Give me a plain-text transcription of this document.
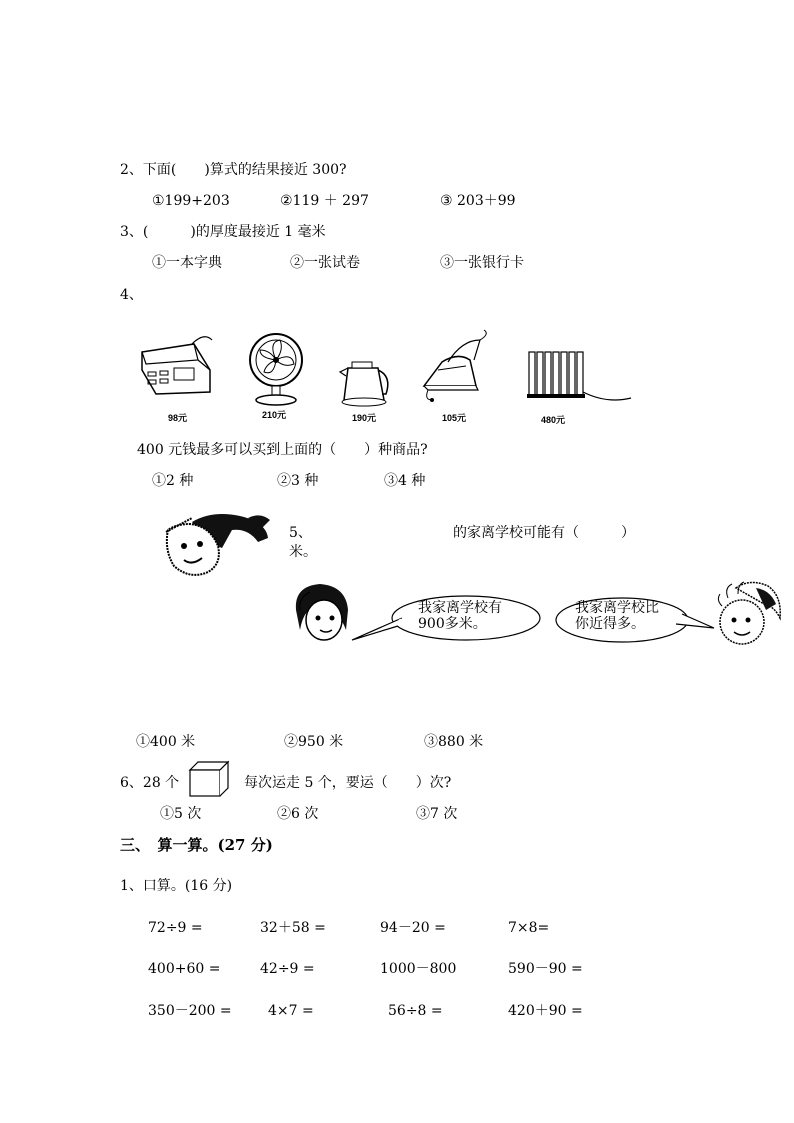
2、下面(　　)算式的结果接近 300?
①199+203	②119 ＋ 297	③ 203＋99
3、(　　　)的厚度最接近 1 毫米
①一本字典	②一张试卷	③一张银行卡
4、
98元	210元	190元	105元	480元
400 元钱最多可以买到上面的（　　）种商品?
①2 种	②3 种	③4 种
5、	的家离学校可能有（　　　）
米。
我家离学校有
900多米。
我家离学校比
你近得多。
①400 米	②950 米	③880 米
6、28 个	每次运走 5 个，要运（　　）次?
①5 次	②6 次	③7 次
三、　算一算。(27 分)
1、口算。(16 分)
72÷9 =	32＋58 =	94－20 =	7×8=
400+60 =	42÷9 =	1000－800	590－90 =
350－200 =	4×7 =	56÷8 =	420＋90 =
